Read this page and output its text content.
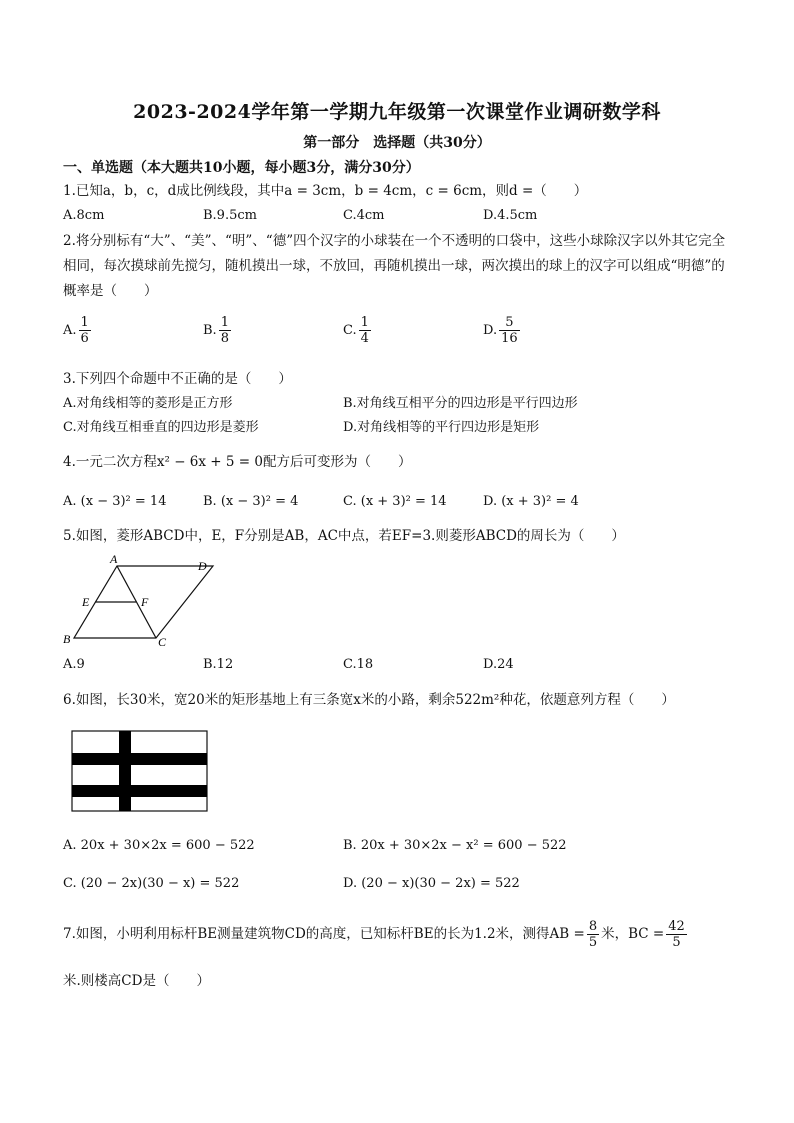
2023-2024学年第一学期九年级第一次课堂作业调研数学科
第一部分　选择题（共30分）
一、单选题（本大题共10小题，每小题3分，满分30分）
1.已知a，b，c，d成比例线段，其中a = 3cm，b = 4cm，c = 6cm，则d =（　　）
A.8cm	B.9.5cm	C.4cm	D.4.5cm
2.将分别标有“大”、“美”、“明”、“德”四个汉字的小球装在一个不透明的口袋中，这些小球除汉字以外其它完全相同，每次摸球前先搅匀，随机摸出一球，不放回，再随机摸出一球，两次摸出的球上的汉字可以组成“明德”的概率是（　　）
A. $\frac{1}{6}$	B. $\frac{1}{8}$	C. $\frac{1}{4}$	D. $\frac{5}{16}$
3.下列四个命题中不正确的是（　　）
A.对角线相等的菱形是正方形	B.对角线互相平分的四边形是平行四边形
C.对角线互相垂直的四边形是菱形	D.对角线相等的平行四边形是矩形
4.一元二次方程x² − 6x + 5 = 0配方后可变形为（　　）
A. (x − 3)² = 14	B. (x − 3)² = 4	C. (x + 3)² = 14	D. (x + 3)² = 4
5.如图，菱形ABCD中，E，F分别是AB，AC中点，若EF=3.则菱形ABCD的周长为（　　）
A	D
E	F
B	C
A.9	B.12	C.18	D.24
6.如图，长30米，宽20米的矩形基地上有三条宽x米的小路，剩余522m²种花，依题意列方程（　　）
A. 20x + 30×2x = 600 − 522	B. 20x + 30×2x − x² = 600 − 522
C. (20 − 2x)(30 − x) = 522	D. (20 − x)(30 − 2x) = 522
7.如图，小明利用标杆BE测量建筑物CD的高度，已知标杆BE的长为1.2米，测得AB = $\frac{8}{5}$ 米，BC = $\frac{42}{5}$
米.则楼高CD是（　　）
